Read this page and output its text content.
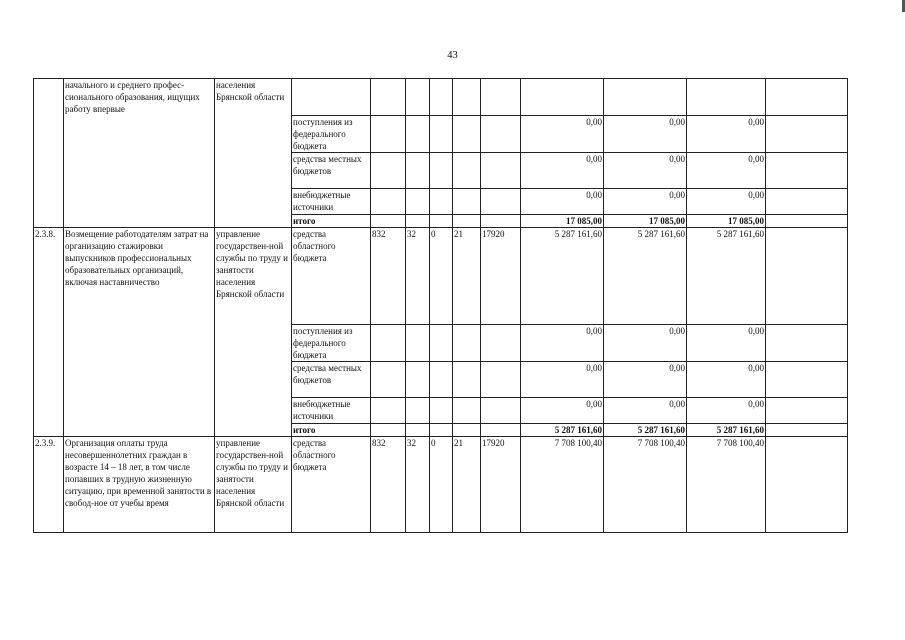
43
	начального и среднего профес-сионального образования, ищущих работу впервые	населения Брянской области										
			поступления из федерального бюджета						0,00	0,00	0,00	
			средства местных бюджетов						0,00	0,00	0,00	
			внебюджетные источники						0,00	0,00	0,00	
			итого						17 085,00	17 085,00	17 085,00	
2.3.8.	Возмещение работодателям затрат на организацию стажировки выпускников профессиональных образовательных организаций, включая наставничество	управление государствен-ной службы по труду и занятости населения Брянской области	средства областного бюджета	832	32	0	21	17920	5 287 161,60	5 287 161,60	5 287 161,60	
			поступления из федерального бюджета						0,00	0,00	0,00	
			средства местных бюджетов						0,00	0,00	0,00	
			внебюджетные источники						0,00	0,00	0,00	
			итого						5 287 161,60	5 287 161,60	5 287 161,60	
2.3.9.	Организация оплаты труда несовершеннолетних граждан в возрасте 14 – 18 лет, в том числе попавших в трудную жизненную ситуацию, при временной занятости в свобод-ное от учебы время	управление государствен-ной службы по труду и занятости населения Брянской области	средства областного бюджета	832	32	0	21	17920	7 708 100,40	7 708 100,40	7 708 100,40	
